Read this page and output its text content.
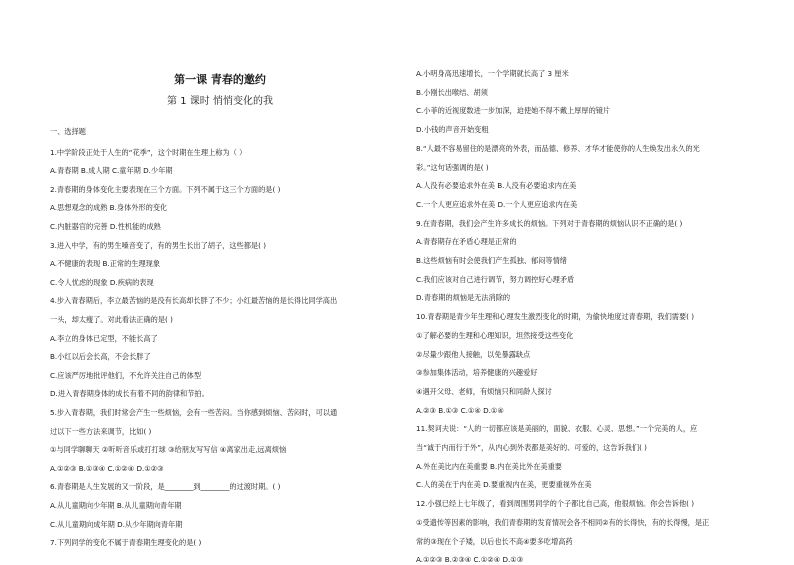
第一课 青春的邀约
第 1 课时 悄悄变化的我
一、选择题
1.中学阶段正处于人生的“花季”，这个时期在生理上称为（ ）
A.青春期 B.成人期 C.童年期 D.少年期
2.青春期的身体变化主要表现在三个方面。下列不属于这三个方面的是( )
A.思想观念的成熟 B.身体外形的变化
C.内脏器官的完善 D.性机能的成熟
3.进入中学，有的男生嗓音变了，有的男生长出了胡子，这些都是( )
A.不健康的表现 B.正常的生理现象
C.令人忧虑的现象 D.疾病的表现
4.步入青春期后，李立最苦恼的是没有长高却长胖了不少；小红最苦恼的是长得比同学高出
一头，却太瘦了。对此看法正确的是( )
A.李立的身体已定型，不能长高了
B.小红以后会长高，不会长胖了
C.应该严厉地批评他们，不允许关注自己的体型
D.进入青春期身体的成长有着不同的韵律和节拍。
5.步入青春期，我们时常会产生一些烦恼，会有一些苦闷。当你感到烦恼、苦闷时，可以通
过以下一些方法来调节，比如( )
①与同学聊聊天 ②听听音乐或打打球 ③给朋友写写信 ④离家出走,远离烦恼
A.①②③ B.①③④ C.①②④ D.①②③
6.青春期是人生发展的又一阶段，是________到________的过渡时期。( )
A.从儿童期向少年期 B.从儿童期向青年期
C.从儿童期向成年期 D.从少年期向青年期
7.下列同学的变化不属于青春期生理变化的是( )
A.小明身高迅速增长，一个学期就长高了 3 厘米
B.小刚长出喉结、胡须
C.小菲的近视度数进一步加深，迫使她不得不戴上厚厚的镜片
D.小钱的声音开始变粗
8.“人最不容易留住的是漂亮的外表，而品德、修养、才华才能使你的人生焕发出永久的光
彩。”这句话强调的是( )
A.人没有必要追求外在美 B.人没有必要追求内在美
C.一个人更应追求外在美 D.一个人更应追求内在美
9.在青春期，我们会产生许多成长的烦恼。下列对于青春期的烦恼认识不正确的是( )
A.青春期存在矛盾心理是正常的
B.这些烦恼有时会使我们产生孤独、郁闷等情绪
C.我们应该对自己进行调节，努力调控好心理矛盾
D.青春期的烦恼是无法消除的
10.青春期是青少年生理和心理发生激烈变化的时期，为偷快地度过青春期，我们需要( )
①了解必要的生理和心理知识，坦然接受这些变化
②尽量少跟他人接触，以免暴露缺点
③参加集体活动，培养健康的兴趣爱好
④遇开父母、老师，有烦恼只和同龄人探讨
A.②③ B.①③ C.①④ D.①④
11.契诃夫说：“人的一切都应该是美丽的，面貌、衣服、心灵、思想。”一个完美的人，应
当“诚于内而行于外”，从内心到外表都是美好的、可爱的，这告诉我们( )
A.外在美比内在美重要 B.内在美比外在美重要
C.人的美在于内在美 D.要重视内在美，更要重视外在美
12.小强已经上七年级了，看到周围男同学的个子都比自己高，他很烦恼。你会告诉他( )
①受遗传等因素的影响，我们青春期的发育情况会各不相同②有的长得快，有的长得慢，是正
常的③现在个子矮，以后也长不高④要多吃增高药
A.①②③ B.②③④ C.①②④ D.①③
